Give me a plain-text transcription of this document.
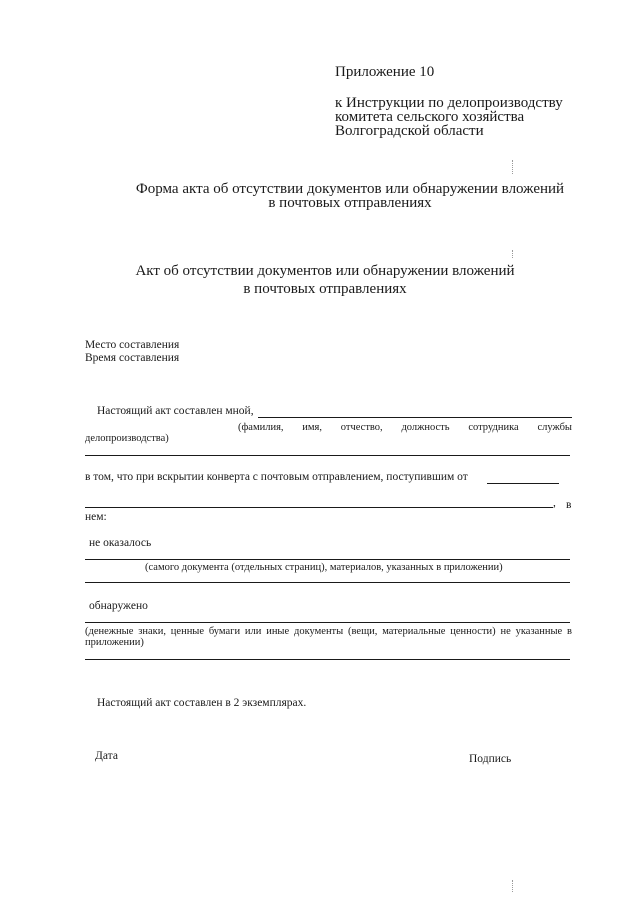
Приложение 10
к Инструкции по делопроизводству
комитета сельского хозяйства
Волгоградской области
Форма акта об отсутствии документов или обнаружении вложений
в почтовых отправлениях
Акт об отсутствии документов или обнаружении вложений
в почтовых отправлениях
Место составления
Время составления
Настоящий акт составлен мной,
(фамилия, имя, отчество, должность сотрудника службы
делопроизводства)
в том, что при вскрытии конверта с почтовым отправлением, поступившим от
, в
нем:
не оказалось
(самого документа (отдельных страниц), материалов, указанных в приложении)
обнаружено
(денежные знаки, ценные бумаги или иные документы (вещи, материальные ценности) не указанные в
приложении)
Настоящий акт составлен в 2 экземплярах.
Дата	Подпись
